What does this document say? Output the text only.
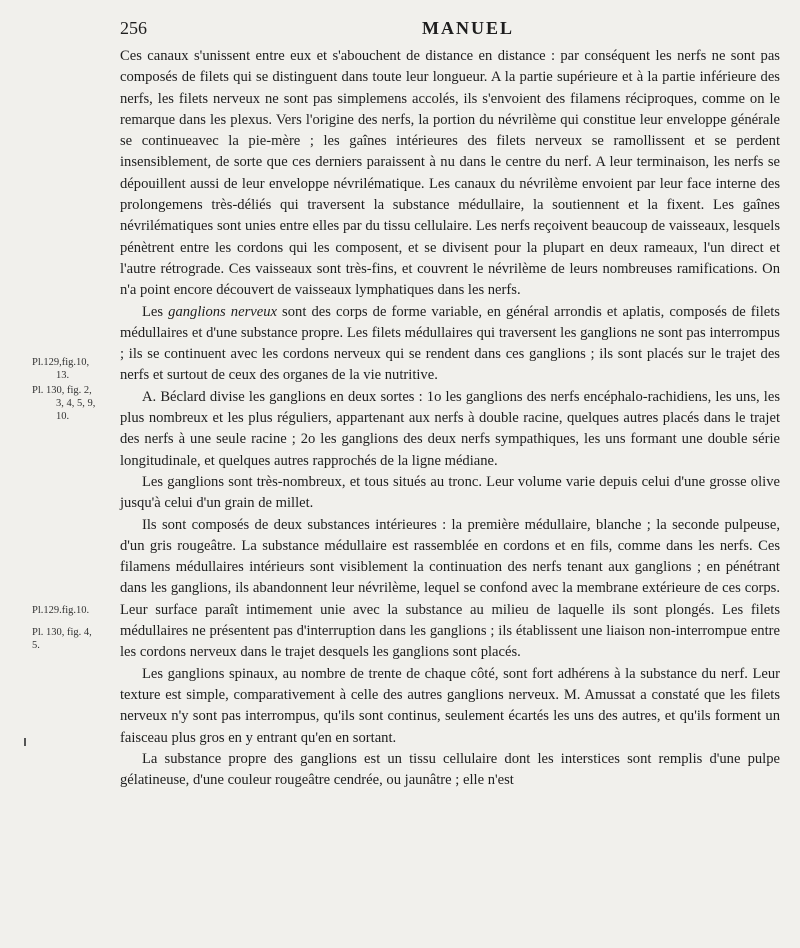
256	MANUEL
Pl.129,fig.10,
13.
Pl. 130, fig. 2,
3, 4, 5, 9,
10.
Pl.129.fig.10.
Pl. 130, fig. 4,
5.

Ces canaux s'unissent entre eux et s'abouchent de distance en distance : par conséquent les nerfs ne sont pas composés de filets qui se distinguent dans toute leur longueur. A la partie supérieure et à la partie inférieure des nerfs, les filets nerveux ne sont pas simplemens accolés, ils s'envoient des filamens réciproques, comme on le remarque dans les plexus. Vers l'origine des nerfs, la portion du névrilème qui constitue leur enveloppe générale se continueavec la pie-mère ; les gaînes intérieures des filets nerveux se ramollissent et se perdent insensiblement, de sorte que ces derniers paraissent à nu dans le centre du nerf. A leur terminaison, les nerfs se dépouillent aussi de leur enveloppe névrilématique. Les canaux du névrilème envoient par leur face interne des prolongemens très-déliés qui traversent la substance médullaire, la soutiennent et la fixent. Les gaînes névrilématiques sont unies entre elles par du tissu cellulaire. Les nerfs reçoivent beaucoup de vaisseaux, lesquels pénètrent entre les cordons qui les composent, et se divisent pour la plupart en deux rameaux, l'un direct et l'autre rétrograde. Ces vaisseaux sont très-fins, et couvrent le névrilème de leurs nombreuses ramifications. On n'a point encore découvert de vaisseaux lymphatiques dans les nerfs.

Les ganglions nerveux sont des corps de forme variable, en général arrondis et aplatis, composés de filets médullaires et d'une substance propre. Les filets médullaires qui traversent les ganglions ne sont pas interrompus ; ils se continuent avec les cordons nerveux qui se rendent dans ces ganglions ; ils sont placés sur le trajet des nerfs et surtout de ceux des organes de la vie nutritive.

A. Béclard divise les ganglions en deux sortes : 1o les ganglions des nerfs encéphalo-rachidiens, les uns, les plus nombreux et les plus réguliers, appartenant aux nerfs à double racine, quelques autres placés dans le trajet des nerfs à une seule racine ; 2o les ganglions des deux nerfs sympathiques, les uns formant une double série longitudinale, et quelques autres rapprochés de la ligne médiane.

Les ganglions sont très-nombreux, et tous situés au tronc. Leur volume varie depuis celui d'une grosse olive jusqu'à celui d'un grain de millet.

Ils sont composés de deux substances intérieures : la première médullaire, blanche ; la seconde pulpeuse, d'un gris rougeâtre. La substance médullaire est rassemblée en cordons et en fils, comme dans les nerfs. Ces filamens médullaires intérieurs sont visiblement la continuation des nerfs tenant aux ganglions ; en pénétrant dans les ganglions, ils abandonnent leur névrilème, lequel se confond avec la membrane extérieure de ces corps. Leur surface paraît intimement unie avec la substance au milieu de laquelle ils sont plongés. Les filets médullaires ne présentent pas d'interruption dans les ganglions ; ils établissent une liaison non-interrompue entre les cordons nerveux dans le trajet desquels les ganglions sont placés.

Les ganglions spinaux, au nombre de trente de chaque côté, sont fort adhérens à la substance du nerf. Leur texture est simple, comparativement à celle des autres ganglions nerveux. M. Amussat a constaté que les filets nerveux n'y sont pas interrompus, qu'ils sont continus, seulement écartés les uns des autres, et qu'ils forment un faisceau plus gros en y entrant qu'en en sortant.

La substance propre des ganglions est un tissu cellulaire dont les interstices sont remplis d'une pulpe gélatineuse, d'une couleur rougeâtre cendrée, ou jaunâtre ; elle n'est
